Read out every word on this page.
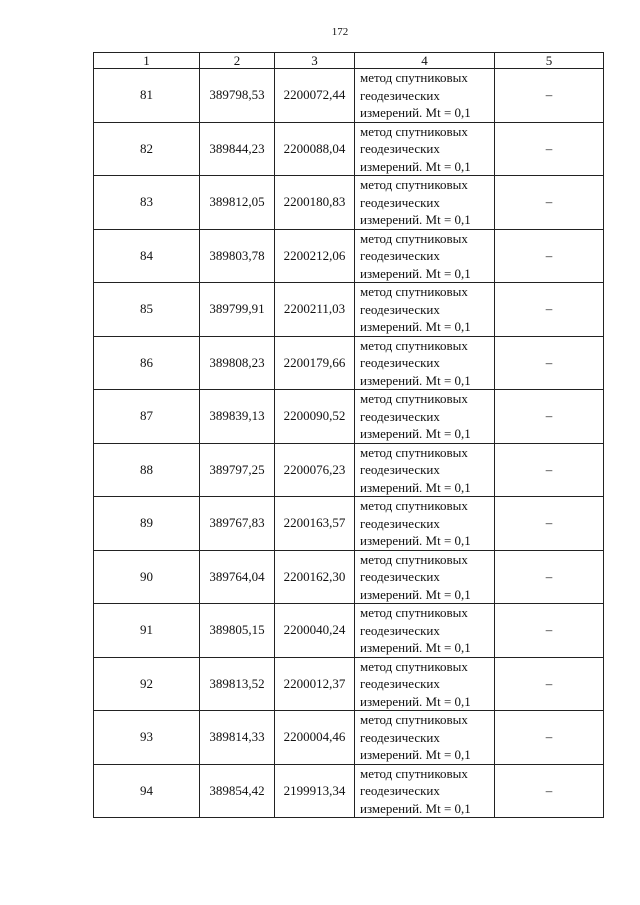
172
1	2	3	4	5
81	389798,53	2200072,44	метод спутниковых
геодезических
измерений. Mt = 0,1	–
82	389844,23	2200088,04	метод спутниковых
геодезических
измерений. Mt = 0,1	–
83	389812,05	2200180,83	метод спутниковых
геодезических
измерений. Mt = 0,1	–
84	389803,78	2200212,06	метод спутниковых
геодезических
измерений. Mt = 0,1	–
85	389799,91	2200211,03	метод спутниковых
геодезических
измерений. Mt = 0,1	–
86	389808,23	2200179,66	метод спутниковых
геодезических
измерений. Mt = 0,1	–
87	389839,13	2200090,52	метод спутниковых
геодезических
измерений. Mt = 0,1	–
88	389797,25	2200076,23	метод спутниковых
геодезических
измерений. Mt = 0,1	–
89	389767,83	2200163,57	метод спутниковых
геодезических
измерений. Mt = 0,1	–
90	389764,04	2200162,30	метод спутниковых
геодезических
измерений. Mt = 0,1	–
91	389805,15	2200040,24	метод спутниковых
геодезических
измерений. Mt = 0,1	–
92	389813,52	2200012,37	метод спутниковых
геодезических
измерений. Mt = 0,1	–
93	389814,33	2200004,46	метод спутниковых
геодезических
измерений. Mt = 0,1	–
94	389854,42	2199913,34	метод спутниковых
геодезических
измерений. Mt = 0,1	–
